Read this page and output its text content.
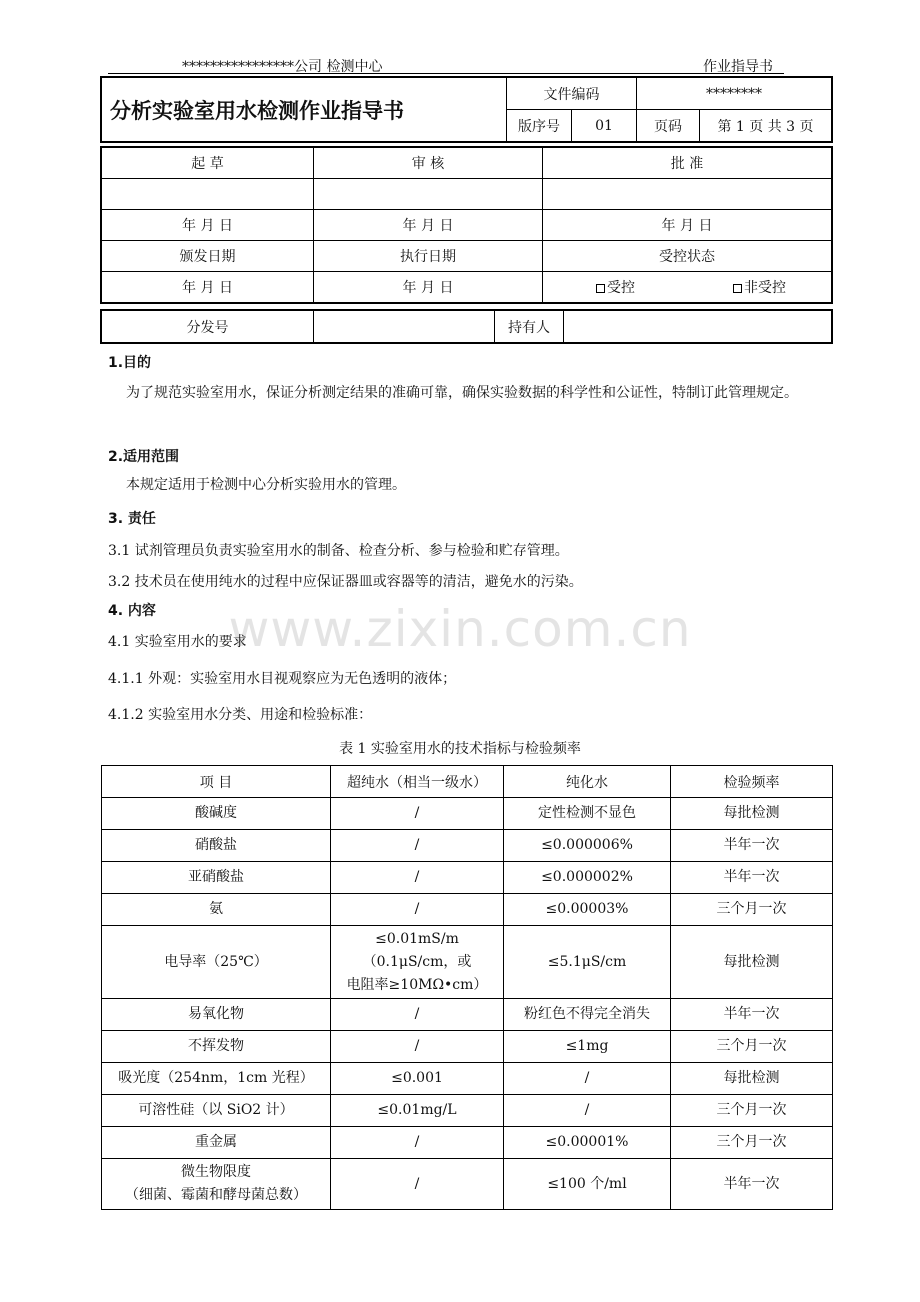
www.zixin.com.cn
****************公司 检测中心	作业指导书
分析实验室用水检测作业指导书	文件编码		********	
	版序号	01	页码	第 1 页 共 3 页
起 草	审 核	批 准	

年 月 日	年 月 日	年 月 日	
颁发日期	执行日期	受控状态	
年 月 日	年 月 日	受控	非受控
分发号		持有人	
1.目的
为了规范实验室用水，保证分析测定结果的准确可靠，确保实验数据的科学性和公证性，特制订此管理规定。
2.适用范围
本规定适用于检测中心分析实验用水的管理。
3. 责任
3.1 试剂管理员负责实验室用水的制备、检查分析、参与检验和贮存管理。
3.2 技术员在使用纯水的过程中应保证器皿或容器等的清洁，避免水的污染。
4. 内容
4.1 实验室用水的要求
4.1.1 外观：实验室用水目视观察应为无色透明的液体；
4.1.2 实验室用水分类、用途和检验标准：
表 1 实验室用水的技术指标与检验频率
项 目	超纯水（相当一级水）	纯化水	检验频率
酸碱度	/	定性检测不显色	每批检测
硝酸盐	/	≤0.000006%	半年一次
亚硝酸盐	/	≤0.000002%	半年一次
氨	/	≤0.00003%	三个月一次
电导率（25℃）	≤0.01mS/m
（0.1μS/cm，或
电阻率≥10MΩ•cm）	≤5.1μS/cm	每批检测
易氧化物	/	粉红色不得完全消失	半年一次
不挥发物	/	≤1mg	三个月一次
吸光度（254nm，1cm 光程）	≤0.001	/	每批检测
可溶性硅（以 SiO2 计）	≤0.01mg/L	/	三个月一次
重金属	/	≤0.00001%	三个月一次
微生物限度
（细菌、霉菌和酵母菌总数）	/	≤100 个/ml	半年一次
